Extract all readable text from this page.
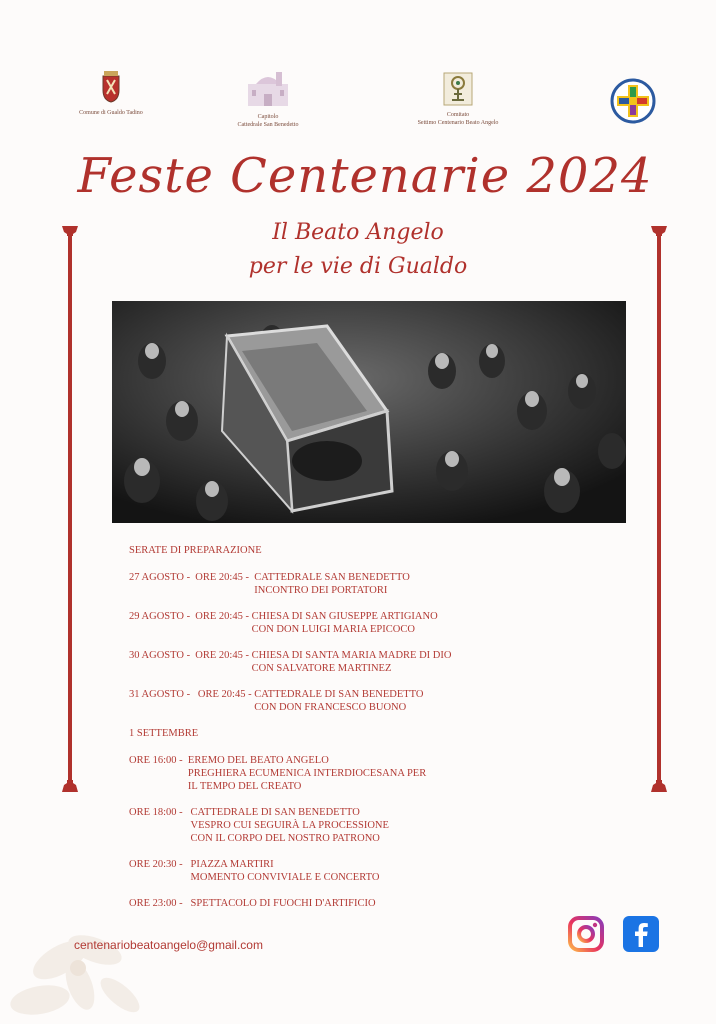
Comune di Gualdo Tadino
Capitolo
Cattedrale San Benedetto
Comitato
Settimo Centenario Beato Angelo
Feste Centenarie 2024
Il Beato Angelo
per le vie di Gualdo
SERATE DI PREPARAZIONE
27 AGOSTO -  ORE 20:45 - CATTEDRALE SAN BENEDETTO
INCONTRO DEI PORTATORI
29 AGOSTO -  ORE 20:45 - CHIESA DI SAN GIUSEPPE ARTIGIANO
CON DON LUIGI MARIA EPICOCO
30 AGOSTO -  ORE 20:45 - CHIESA DI SANTA MARIA MADRE DI DIO
CON SALVATORE MARTINEZ
31 AGOSTO -   ORE 20:45 - CATTEDRALE DI SAN BENEDETTO
CON DON FRANCESCO BUONO
1 SETTEMBRE
ORE 16:00 - EREMO DEL BEATO ANGELO
PREGHIERA ECUMENICA INTERDIOCESANA PER
IL TEMPO DEL CREATO
ORE 18:00 - CATTEDRALE DI SAN BENEDETTO
VESPRO CUI SEGUIRÀ LA PROCESSIONE
CON IL CORPO DEL NOSTRO PATRONO
ORE 20:30 - PIAZZA MARTIRI
MOMENTO CONVIVIALE E CONCERTO
ORE 23:00 - SPETTACOLO DI FUOCHI D'ARTIFICIO
centenariobeatoangelo@gmail.com
